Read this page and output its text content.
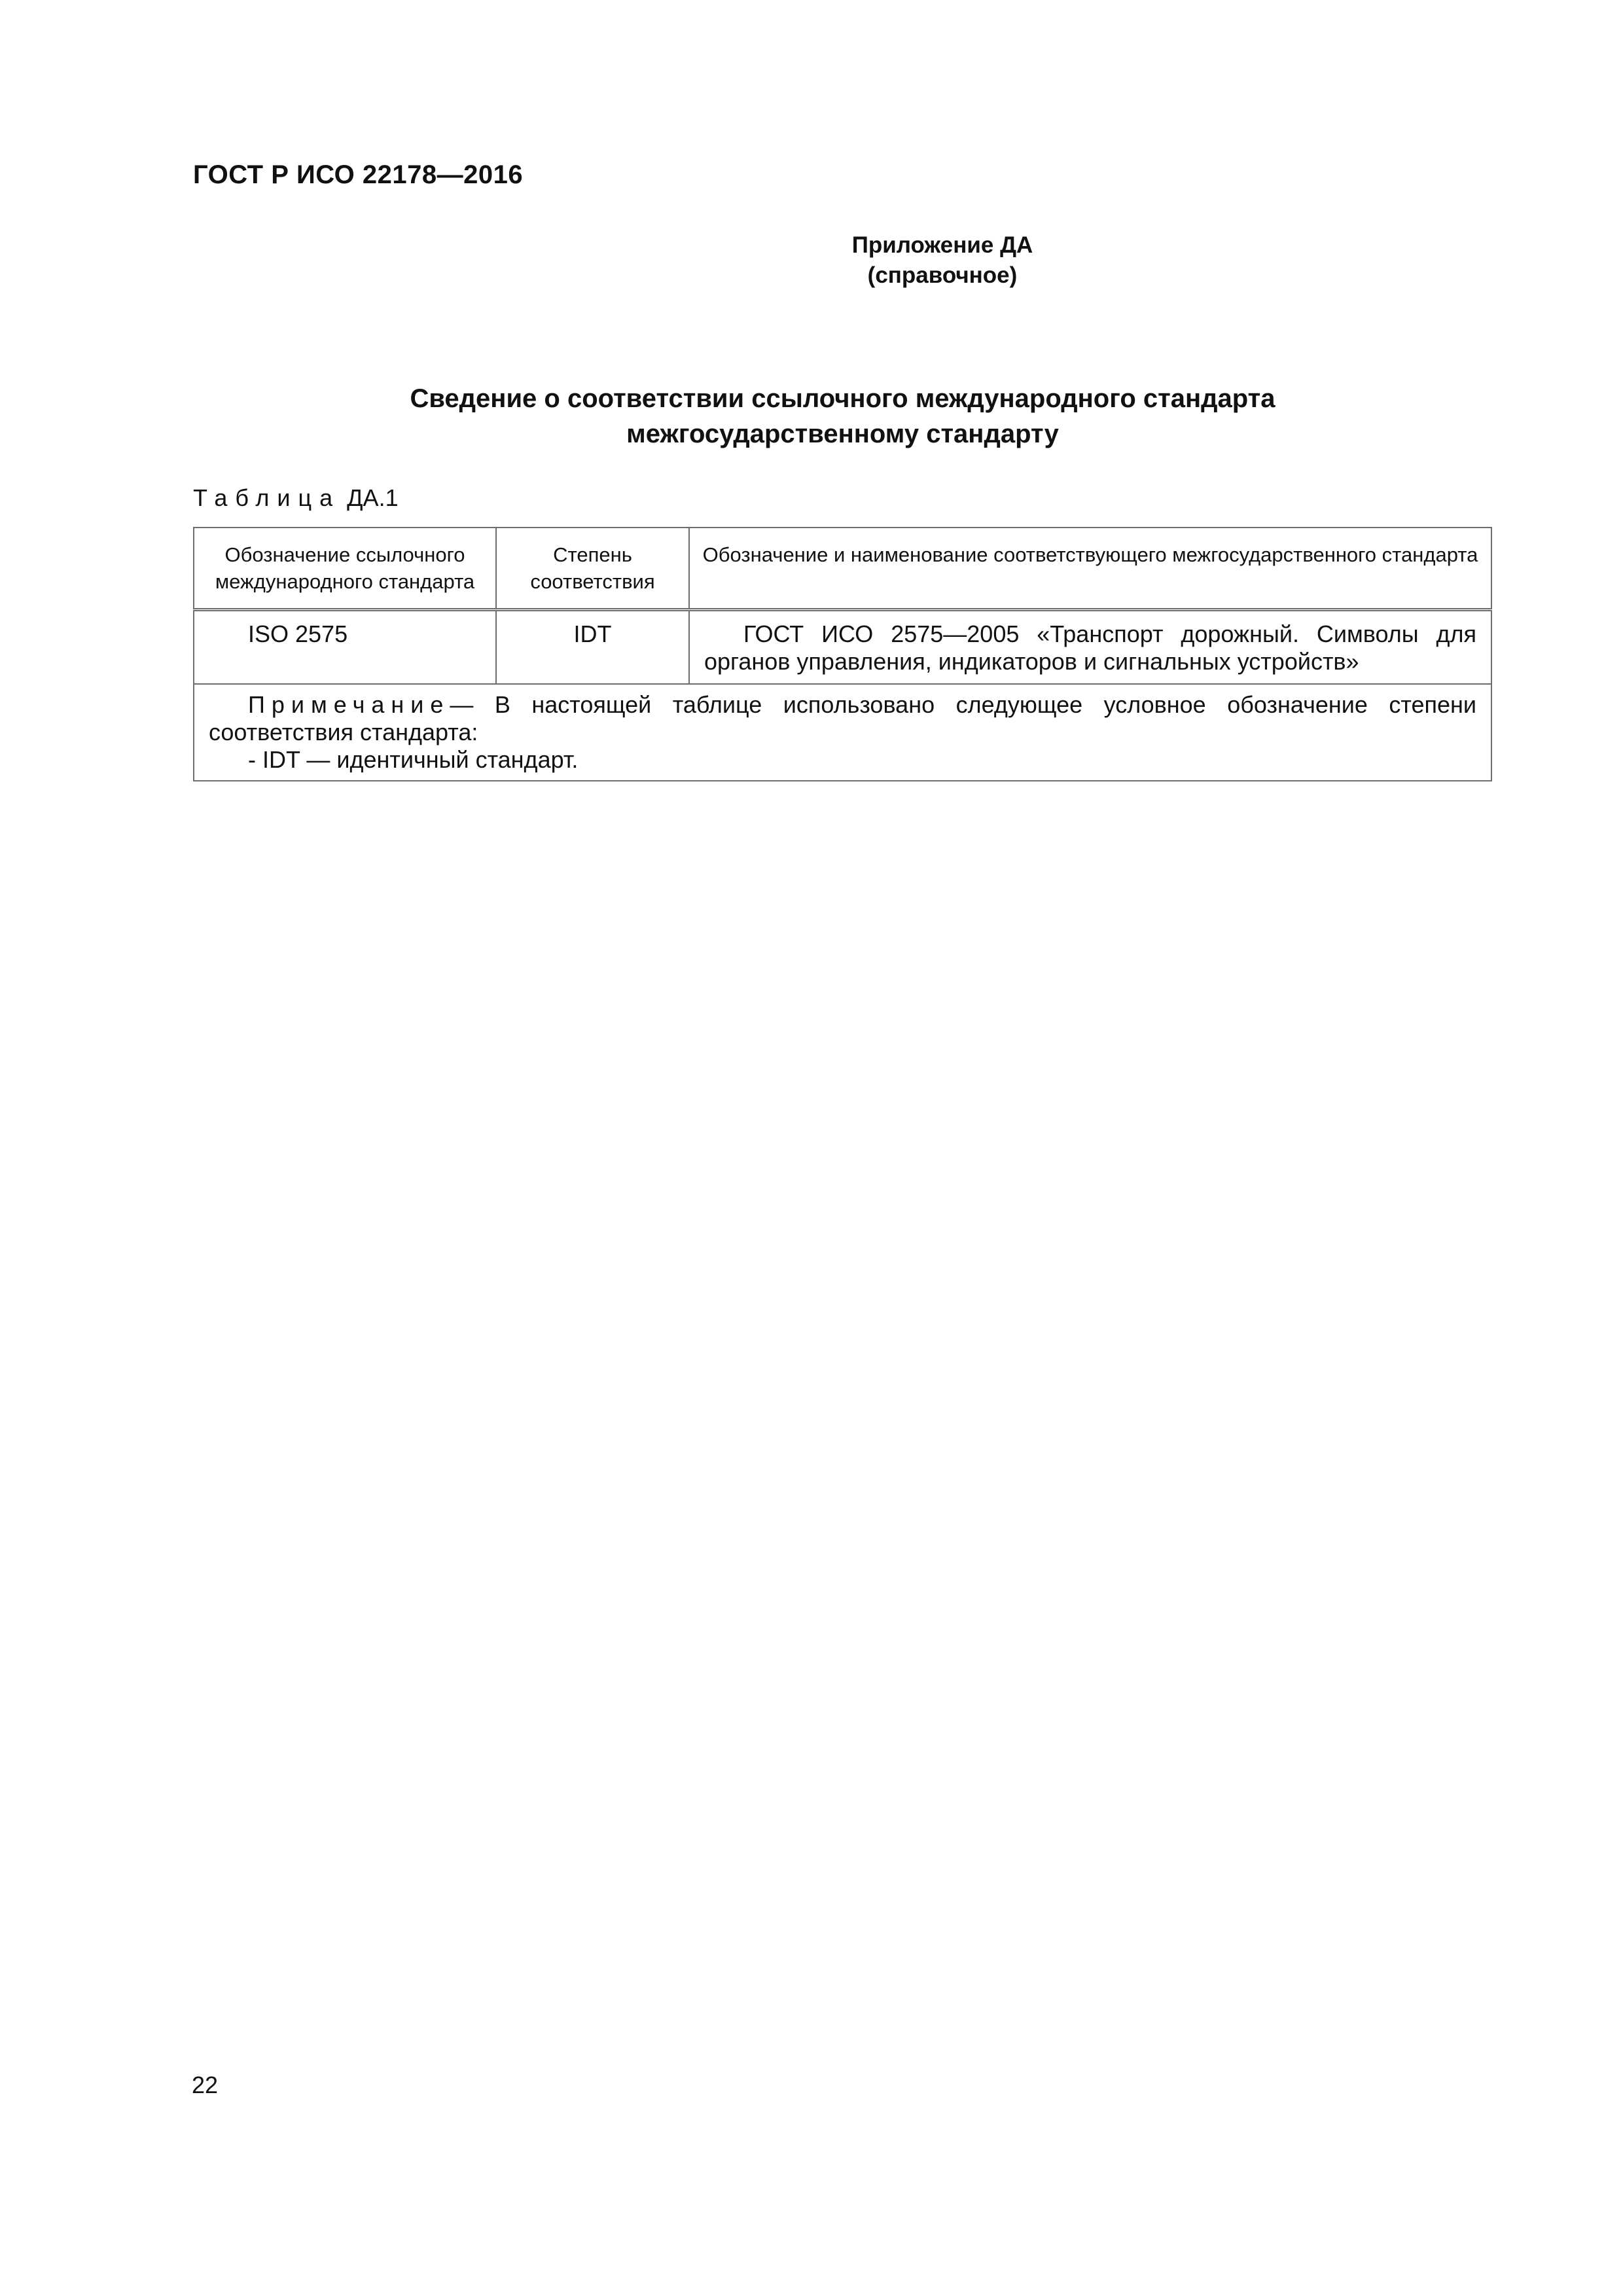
ГОСТ Р ИСО 22178—2016
Приложение ДА
(справочное)
Сведение о соответствии ссылочного международного стандарта
межгосударственному стандарту
Таблица ДА.1
Обозначение ссылочного международного стандарта	Степень соответствия	Обозначение и наименование соответствующего межгосударственного стандарта
ISO 2575	IDT	ГОСТ ИСО 2575—2005 «Транспорт дорожный. Символы для органов управления, индикаторов и сигнальных устройств»

Примечание— В настоящей таблице использовано следующее условное обозначение степени соответствия стандарта:

- IDT — идентичный стандарт.		

22
